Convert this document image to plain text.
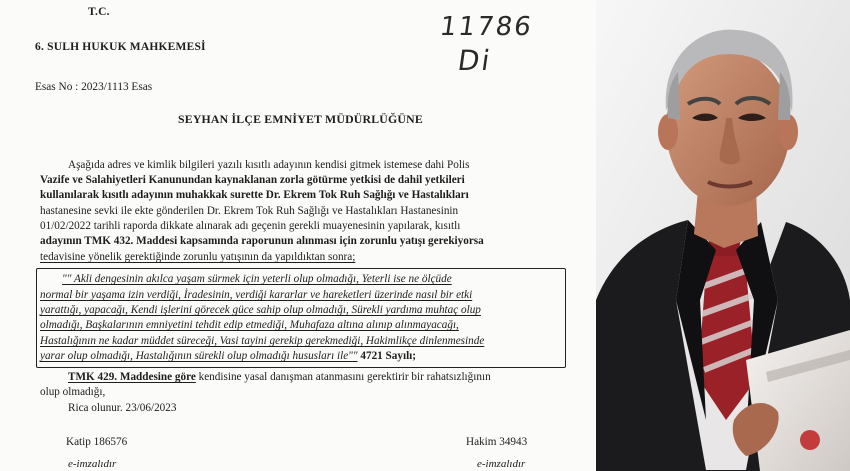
T.C.
6. SULH HUKUK MAHKEMESİ
11786
Di
Esas No : 2023/1113 Esas
SEYHAN İLÇE EMNİYET MÜDÜRLÜĞÜNE
Aşağıda adres ve kimlik bilgileri yazılı kısıtlı adayının kendisi gitmek istemese dahi Polis
Vazife ve Salahiyetleri Kanunundan kaynaklanan zorla götürme yetkisi de dahil yetkileri
kullanılarak kısıtlı adayının muhakkak surette Dr. Ekrem Tok Ruh Sağlığı ve Hastalıkları
hastanesine sevki ile ekte gönderilen Dr. Ekrem Tok Ruh Sağlığı ve Hastalıkları Hastanesinin
01/02/2022 tarihli raporda dikkate alınarak adı geçenin gerekli muayenesinin yapılarak, kısıtlı
adayının TMK 432. Maddesi kapsamında raporunun alınması için zorunlu yatışı gerekiyorsa
tedavisine yönelik gerektiğinde zorunlu yatışının da yapıldıktan sonra;
"" Akli dengesinin akılca yaşam sürmek için yeterli olup olmadığı, Yeterli ise ne ölçüde
normal bir yaşama izin verdiği, İradesinin, verdiği kararlar ve hareketleri üzerinde nasıl bir etki
yarattığı, yapacağı, Kendi işlerini görecek güce sahip olup olmadığı, Sürekli yardıma muhtaç olup
olmadığı, Başkalarının emniyetini tehdit edip etmediği, Muhafaza altına alınıp alınmayacağı,
Hastalığının ne kadar müddet süreceği, Vasi tayini gerekip gerekmediği, Hakimlikçe dinlenmesinde
yarar olup olmadığı, Hastalığının sürekli olup olmadığı hususları ile"" 4721 Sayılı;
TMK 429. Maddesine göre kendisine yasal danışman atanmasını gerektirir bir rahatsızlığının
olup olmadığı,
Rica olunur. 23/06/2023
Katip 186576	Hakim 34943
e-imzalıdır	e-imzalıdır
